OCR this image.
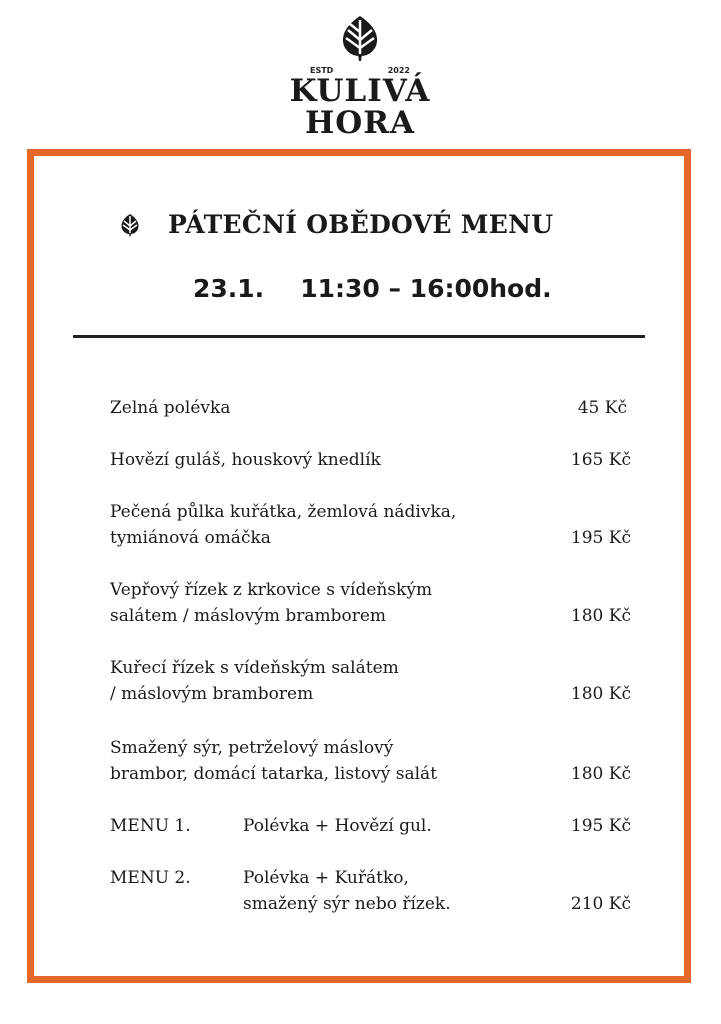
ESTD	2022
KULIVÁ
HORA
PÁTEČNÍ OBĚDOVÉ MENU
23.1. 11:30 – 16:00hod.
Zelná polévka	45 Kč
Hovězí guláš, houskový knedlík	165 Kč
Pečená půlka kuřátka, žemlová nádivka,
tymiánová omáčka	195 Kč
Vepřový řízek z krkovice s vídeňským
salátem / máslovým bramborem	180 Kč
Kuřecí řízek s vídeňským salátem
/ máslovým bramborem	180 Kč
Smažený sýr, petrželový máslový
brambor, domácí tatarka, listový salát	180 Kč
MENU 1.	Polévka + Hovězí gul.	195 Kč
MENU 2.	Polévka + Kuřátko,
smažený sýr nebo řízek.	210 Kč
